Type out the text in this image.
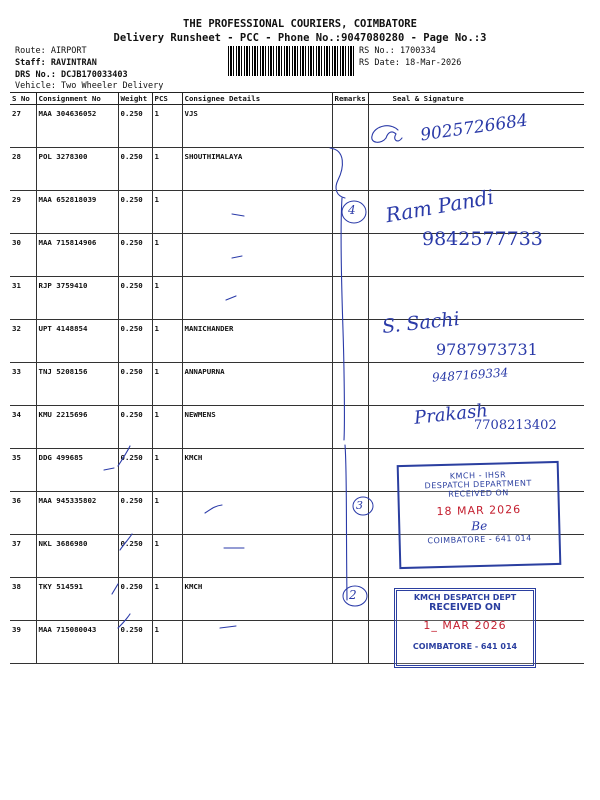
THE PROFESSIONAL COURIERS, COIMBATORE
Delivery Runsheet - PCC - Phone No.:9047080280 - Page No.:3
Route: AIRPORT
Staff: RAVINTRAN
DRS No.: DCJB170033403
Vehicle: Two Wheeler Delivery
RS No.: 1700334
RS Date: 18-Mar-2026
S No	Consignment No	Weight	PCS	Consignee Details	Remarks	Seal & Signature
27	MAA 304636052	0.250	1	VJS		
28	POL 3278300	0.250	1	SHOUTHIMALAYA		
29	MAA 652818039	0.250	1			
30	MAA 715814906	0.250	1			
31	RJP 3759410	0.250	1			
32	UPT 4148854	0.250	1	MANICHANDER		
33	TNJ 5208156	0.250	1	ANNAPURNA		
34	KMU 2215696	0.250	1	NEWMENS		
35	DDG 499685	0.250	1	KMCH		
36	MAA 945335802	0.250	1			
37	NKL 3686980	0.250	1			
38	TKY 514591	0.250	1	KMCH		
39	MAA 715080043	0.250	1			
4
3
2
9025726684
Ram Pandi
9842577733
S. Sachi
9787973731
9487169334
Prakash
7708213402
KMCH - IHSR
DESPATCH DEPARTMENT
RECEIVED ON
18 MAR 2026
Be
COIMBATORE - 641 014
KMCH DESPATCH DEPT
RECEIVED ON
1_ MAR 2026
COIMBATORE - 641 014
